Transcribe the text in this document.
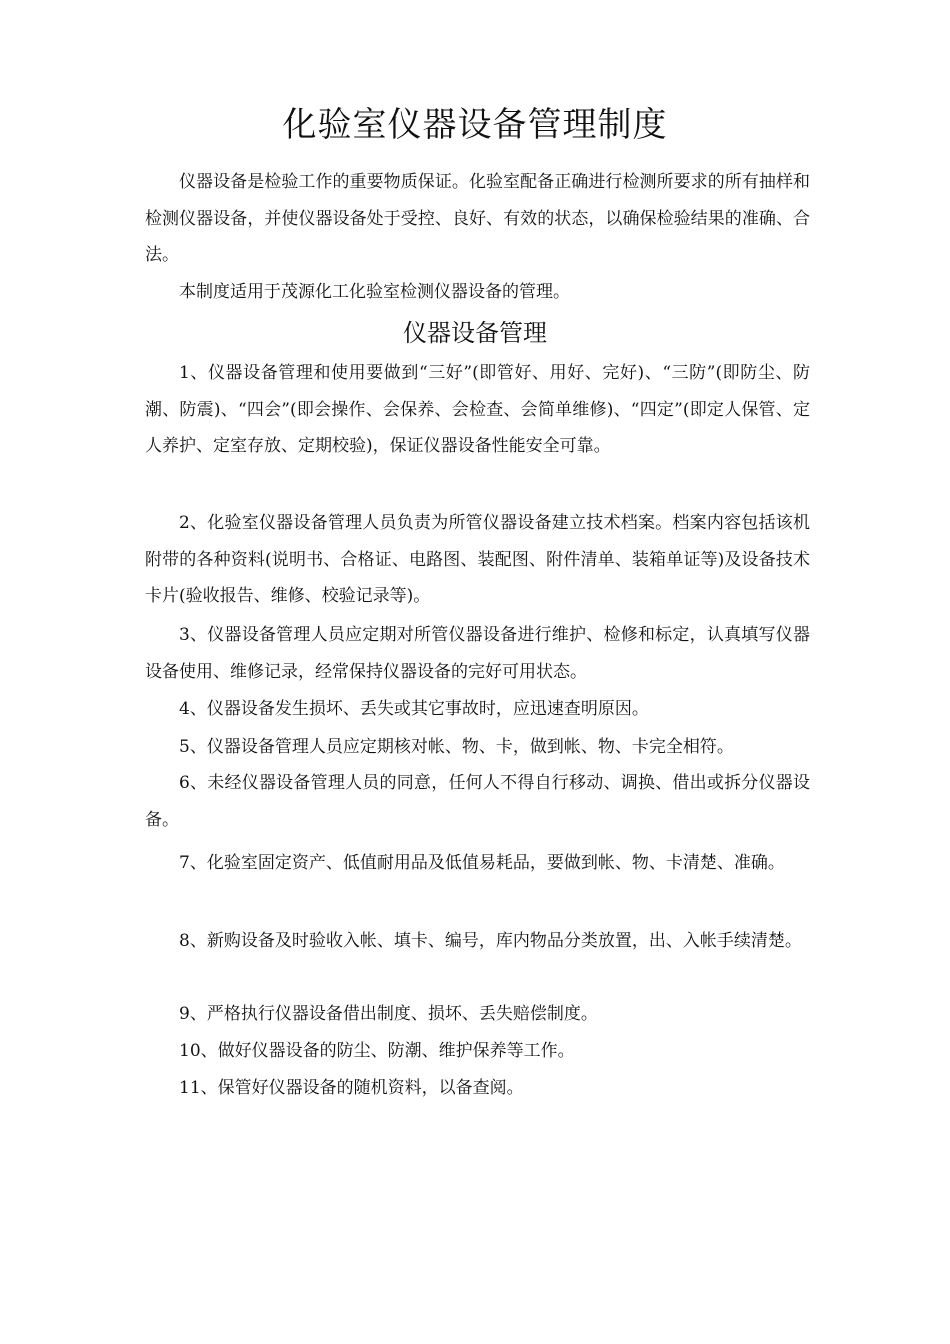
化验室仪器设备管理制度

仪器设备是检验工作的重要物质保证。化验室配备正确进行检测所要求的所有抽样和检测仪器设备，并使仪器设备处于受控、良好、有效的状态，以确保检验结果的准确、合法。

本制度适用于茂源化工化验室检测仪器设备的管理。

仪器设备管理

1、仪器设备管理和使用要做到“三好”(即管好、用好、完好)、“三防”(即防尘、防潮、防震)、“四会”(即会操作、会保养、会检查、会简单维修)、“四定”(即定人保管、定人养护、定室存放、定期校验)，保证仪器设备性能安全可靠。

2、化验室仪器设备管理人员负责为所管仪器设备建立技术档案。档案内容包括该机附带的各种资料(说明书、合格证、电路图、装配图、附件清单、装箱单证等)及设备技术卡片(验收报告、维修、校验记录等)。

3、仪器设备管理人员应定期对所管仪器设备进行维护、检修和标定，认真填写仪器设备使用、维修记录，经常保持仪器设备的完好可用状态。

4、仪器设备发生损坏、丢失或其它事故时，应迅速查明原因。

5、仪器设备管理人员应定期核对帐、物、卡，做到帐、物、卡完全相符。

6、未经仪器设备管理人员的同意，任何人不得自行移动、调换、借出或拆分仪器设备。

7、化验室固定资产、低值耐用品及低值易耗品，要做到帐、物、卡清楚、准确。

8、新购设备及时验收入帐、填卡、编号，库内物品分类放置，出、入帐手续清楚。

9、严格执行仪器设备借出制度、损坏、丢失赔偿制度。

10、做好仪器设备的防尘、防潮、维护保养等工作。

11、保管好仪器设备的随机资料，以备查阅。
